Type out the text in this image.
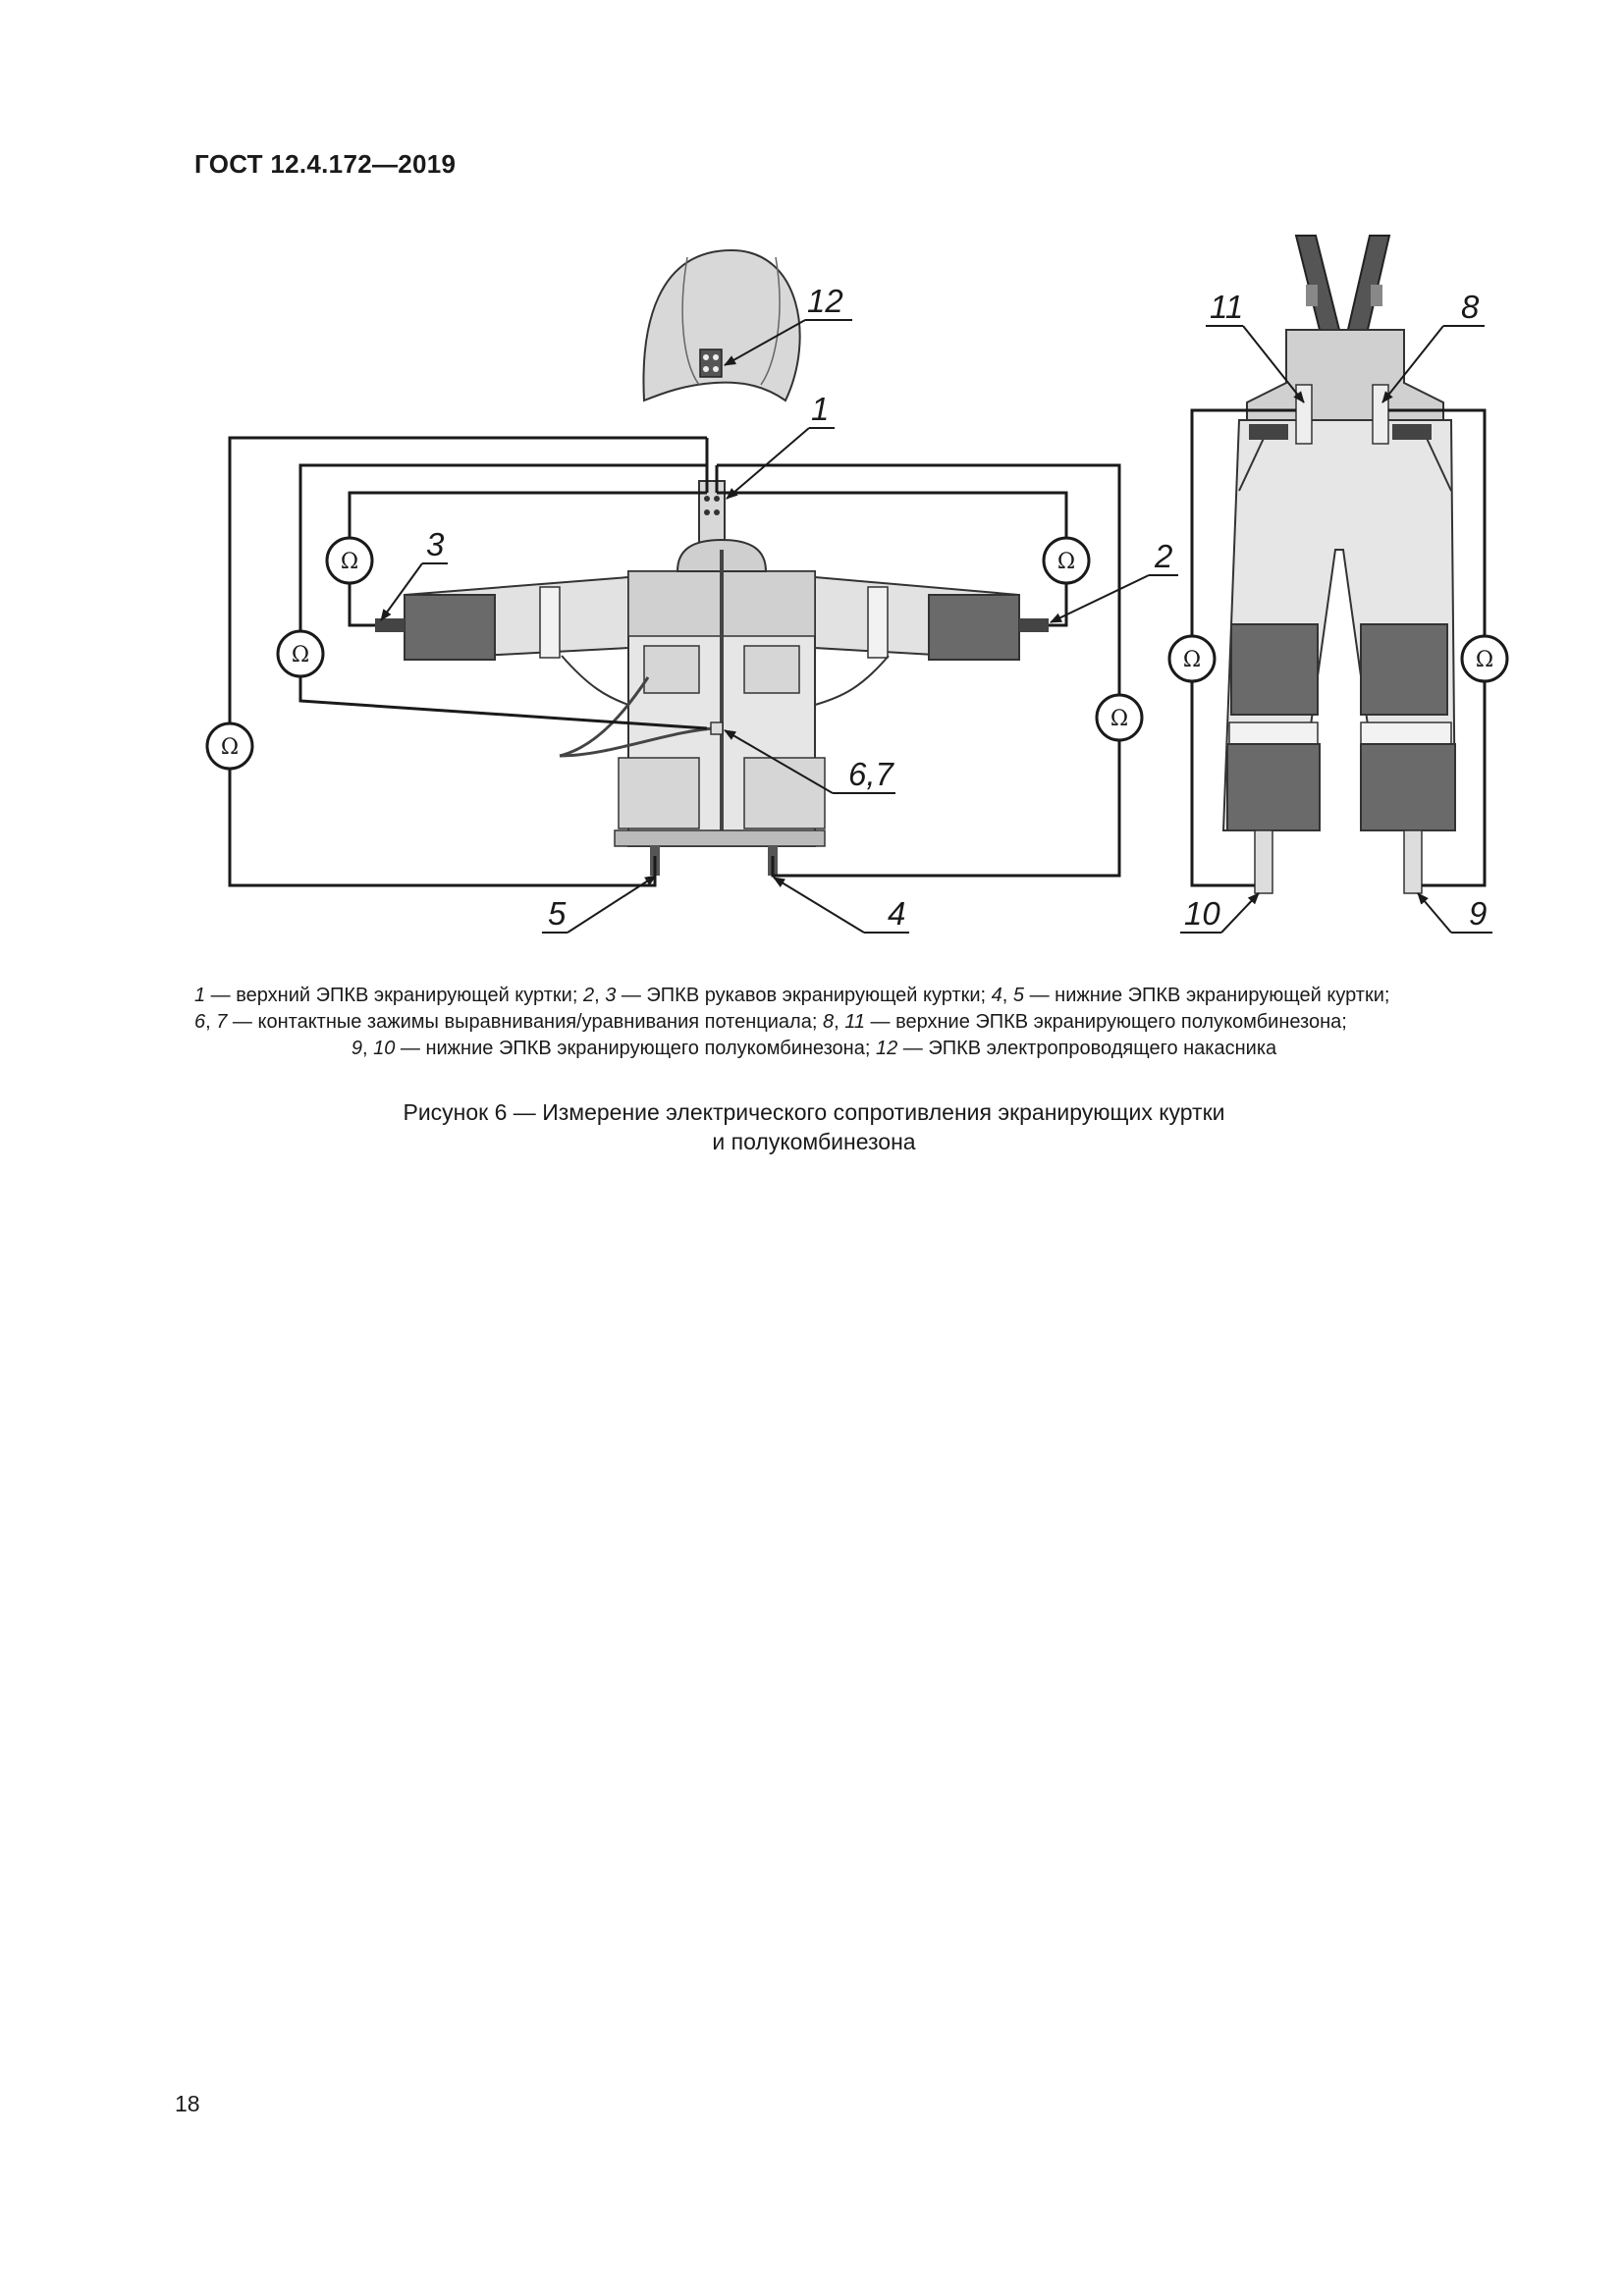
ГОСТ 12.4.172—2019
Ω	Ω
Ω
Ω
Ω
Ω	Ω
12
1
3	2
6,7
5	4
11	8
10	9
1 — верхний ЭПКВ экранирующей куртки; 2, 3 — ЭПКВ рукавов экранирующей куртки; 4, 5 — нижние ЭПКВ экранирующей куртки;
6, 7 — контактные зажимы выравнивания/уравнивания потенциала; 8, 11 — верхние ЭПКВ экранирующего полукомбинезона;
9, 10 — нижние ЭПКВ экранирующего полукомбинезона; 12 — ЭПКВ электропроводящего накасника
Рисунок 6 — Измерение электрического сопротивления экранирующих куртки
и полукомбинезона
18
